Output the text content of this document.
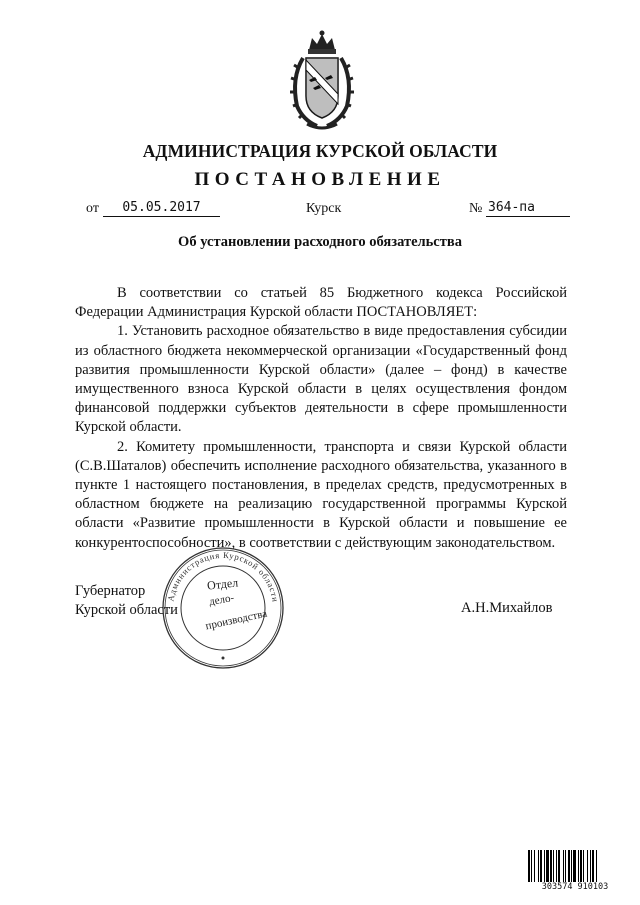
АДМИНИСТРАЦИЯ КУРСКОЙ ОБЛАСТИ
ПОСТАНОВЛЕНИЕ
от	05.05.2017	Курск	№ 364-па
Об установлении расходного обязательства

В соответствии со статьей 85 Бюджетного кодекса Российской Федерации Администрация Курской области ПОСТАНОВЛЯЕТ:

1. Установить расходное обязательство в виде предоставления субсидии из областного бюджета некоммерческой организации «Государственный фонд развития промышленности Курской области» (далее – фонд) в качестве имущественного взноса Курской области в целях осуществления фондом финансовой поддержки субъектов деятельности в сфере промышленности Курской области.

2. Комитету промышленности, транспорта и связи Курской области (С.В.Шаталов) обеспечить исполнение расходного обязательства, указанного в пункте 1 настоящего постановления, в пределах средств, предусмотренных в областном бюджете на реализацию государственной программы Курской области «Развитие промышленности в Курской области и повышение ее конкурентоспособности», в соответствии с действующим законодательством.

Администрация Курской области
Отдел
дело-
производства
Губернатор
Курской области	А.Н.Михайлов
303574 910103
